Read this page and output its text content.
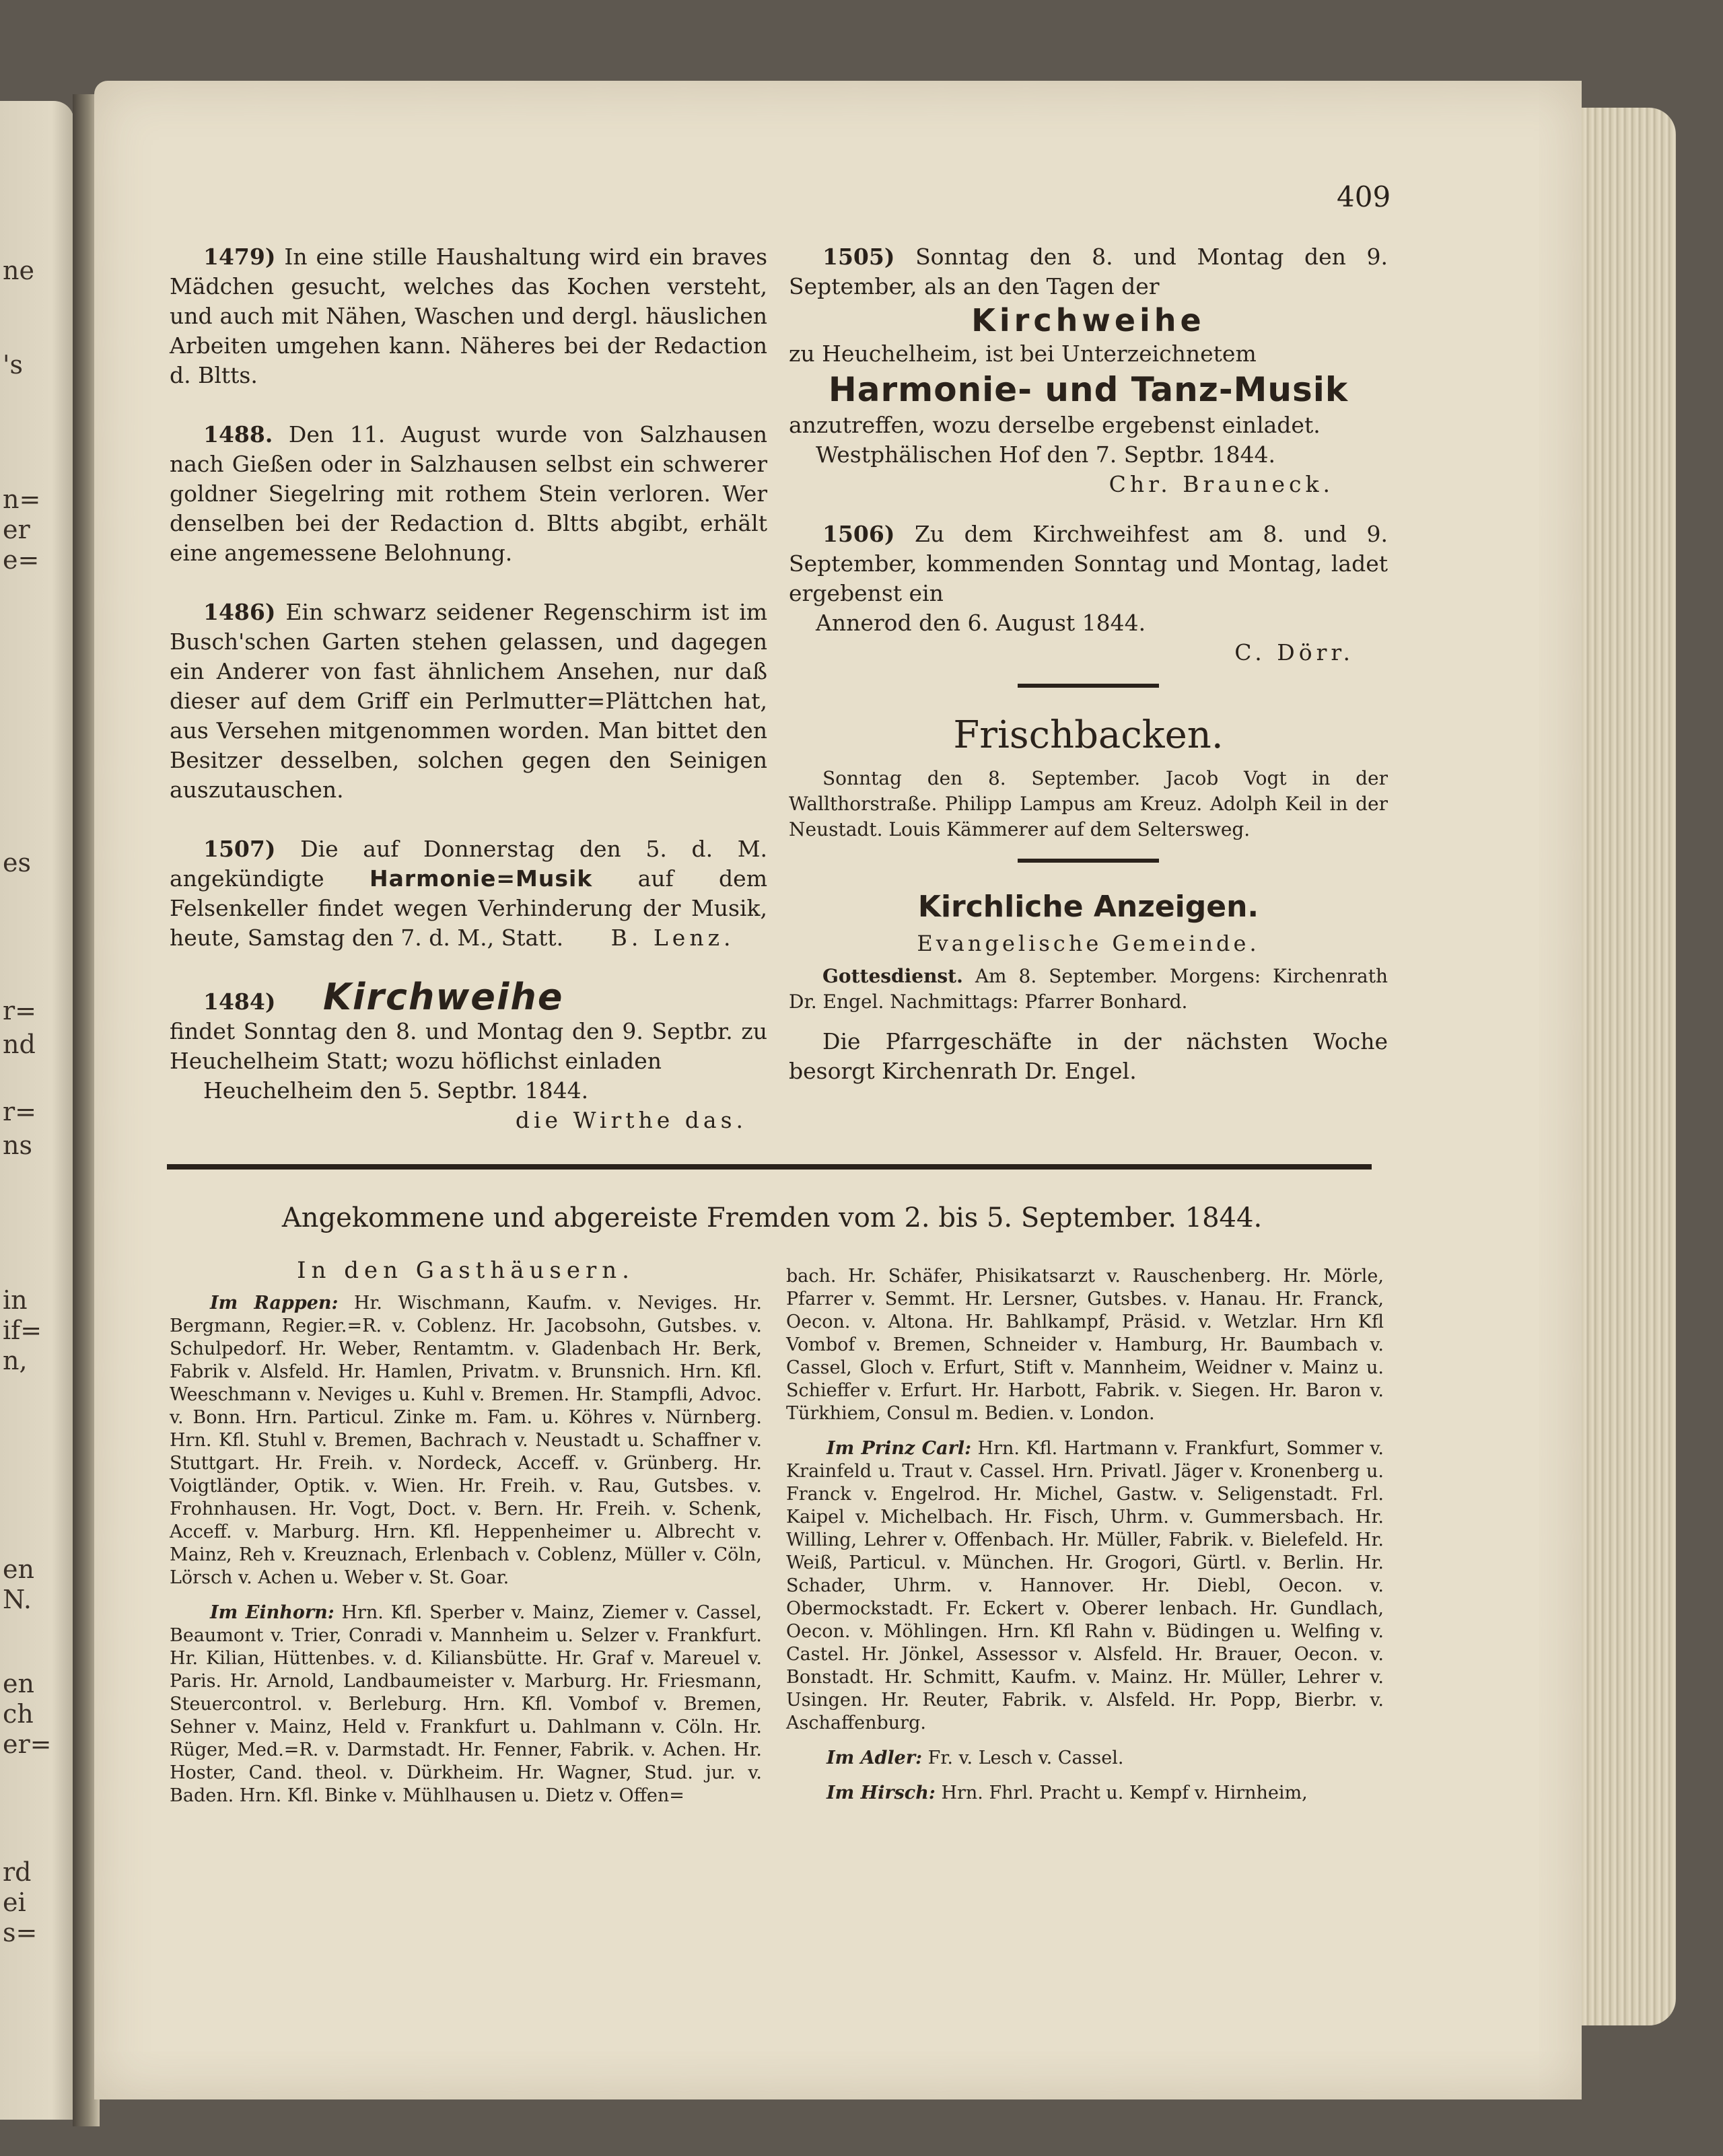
ne
's
n=
er
e=
es
r=
nd
r=
ns
in
if=
n,
en
N.
en
ch
er=
rd
ei
s=
409

1479) In eine stille Haushaltung wird ein braves Mädchen gesucht, welches das Kochen versteht, und auch mit Nähen, Waschen und dergl. häuslichen Arbeiten umgehen kann. Näheres bei der Redaction d. Bltts.

1488. Den 11. August wurde von Salzhausen nach Gießen oder in Salzhausen selbst ein schwerer goldner Siegelring mit rothem Stein verloren. Wer denselben bei der Redaction d. Bltts abgibt, erhält eine angemessene Belohnung.

1486) Ein schwarz seidener Regenschirm ist im Busch'schen Garten stehen gelassen, und dagegen ein Anderer von fast ähnlichem Ansehen, nur daß dieser auf dem Griff ein Perlmutter=Plättchen hat, aus Versehen mitgenommen worden. Man bittet den Besitzer desselben, solchen gegen den Seinigen auszutauschen.

1507) Die auf Donnerstag den 5. d. M. angekündigte Harmonie=Musik auf dem Felsenkeller findet wegen Verhinderung der Musik, heute, Samstag den 7. d. M., Statt. B. Lenz.

1484) Kirchweihe
findet Sonntag den 8. und Montag den 9. Septbr. zu Heuchelheim Statt; wozu höflichst einladen
Heuchelheim den 5. Septbr. 1844.
die Wirthe das.
1505) Sonntag den 8. und Montag den 9. September, als an den Tagen der
Kirchweihe
zu Heuchelheim, ist bei Unterzeichnetem
Harmonie- und Tanz-Musik
anzutreffen, wozu derselbe ergebenst einladet.
Westphälischen Hof den 7. Septbr. 1844.
Chr. Brauneck.
1506) Zu dem Kirchweihfest am 8. und 9. September, kommenden Sonntag und Montag, ladet ergebenst ein
Annerod den 6. August 1844.
C. Dörr.

Frischbacken.

Sonntag den 8. September. Jacob Vogt in der Wallthorstraße. Philipp Lampus am Kreuz. Adolph Keil in der Neustadt. Louis Kämmerer auf dem Seltersweg.

Kirchliche Anzeigen.
Evangelische Gemeinde.

Gottesdienst. Am 8. September. Morgens: Kirchenrath Dr. Engel. Nachmittags: Pfarrer Bonhard.

Die Pfarrgeschäfte in der nächsten Woche besorgt Kirchenrath Dr. Engel.

Angekommene und abgereiste Fremden vom 2. bis 5. September. 1844.
In den Gasthäusern.

Im Rappen: Hr. Wischmann, Kaufm. v. Neviges. Hr. Bergmann, Regier.=R. v. Coblenz. Hr. Jacobsohn, Gutsbes. v. Schulpedorf. Hr. Weber, Rentamtm. v. Gladenbach Hr. Berk, Fabrik v. Alsfeld. Hr. Hamlen, Privatm. v. Brunsnich. Hrn. Kfl. Weeschmann v. Neviges u. Kuhl v. Bremen. Hr. Stampfli, Advoc. v. Bonn. Hrn. Particul. Zinke m. Fam. u. Köhres v. Nürnberg. Hrn. Kfl. Stuhl v. Bremen, Bachrach v. Neustadt u. Schaffner v. Stuttgart. Hr. Freih. v. Nordeck, Acceff. v. Grünberg. Hr. Voigtländer, Optik. v. Wien. Hr. Freih. v. Rau, Gutsbes. v. Frohnhausen. Hr. Vogt, Doct. v. Bern. Hr. Freih. v. Schenk, Acceff. v. Marburg. Hrn. Kfl. Heppenheimer u. Albrecht v. Mainz, Reh v. Kreuznach, Erlenbach v. Coblenz, Müller v. Cöln, Lörsch v. Achen u. Weber v. St. Goar.

Im Einhorn: Hrn. Kfl. Sperber v. Mainz, Ziemer v. Cassel, Beaumont v. Trier, Conradi v. Mannheim u. Selzer v. Frankfurt. Hr. Kilian, Hüttenbes. v. d. Kiliansbütte. Hr. Graf v. Mareuel v. Paris. Hr. Arnold, Landbaumeister v. Marburg. Hr. Friesmann, Steuercontrol. v. Berleburg. Hrn. Kfl. Vombof v. Bremen, Sehner v. Mainz, Held v. Frankfurt u. Dahlmann v. Cöln. Hr. Rüger, Med.=R. v. Darmstadt. Hr. Fenner, Fabrik. v. Achen. Hr. Hoster, Cand. theol. v. Dürkheim. Hr. Wagner, Stud. jur. v. Baden. Hrn. Kfl. Binke v. Mühlhausen u. Dietz v. Offen=

bach. Hr. Schäfer, Phisikatsarzt v. Rauschenberg. Hr. Mörle, Pfarrer v. Semmt. Hr. Lersner, Gutsbes. v. Hanau. Hr. Franck, Oecon. v. Altona. Hr. Bahlkampf, Präsid. v. Wetzlar. Hrn Kfl Vombof v. Bremen, Schneider v. Hamburg, Hr. Baumbach v. Cassel, Gloch v. Erfurt, Stift v. Mannheim, Weidner v. Mainz u. Schieffer v. Erfurt. Hr. Harbott, Fabrik. v. Siegen. Hr. Baron v. Türkhiem, Consul m. Bedien. v. London.

Im Prinz Carl: Hrn. Kfl. Hartmann v. Frankfurt, Sommer v. Krainfeld u. Traut v. Cassel. Hrn. Privatl. Jäger v. Kronenberg u. Franck v. Engelrod. Hr. Michel, Gastw. v. Seligenstadt. Frl. Kaipel v. Michelbach. Hr. Fisch, Uhrm. v. Gummersbach. Hr. Willing, Lehrer v. Offenbach. Hr. Müller, Fabrik. v. Bielefeld. Hr. Weiß, Particul. v. München. Hr. Grogori, Gürtl. v. Berlin. Hr. Schader, Uhrm. v. Hannover. Hr. Diebl, Oecon. v. Obermockstadt. Fr. Eckert v. Oberer lenbach. Hr. Gundlach, Oecon. v. Möhlingen. Hrn. Kfl Rahn v. Büdingen u. Welfing v. Castel. Hr. Jönkel, Assessor v. Alsfeld. Hr. Brauer, Oecon. v. Bonstadt. Hr. Schmitt, Kaufm. v. Mainz. Hr. Müller, Lehrer v. Usingen. Hr. Reuter, Fabrik. v. Alsfeld. Hr. Popp, Bierbr. v. Aschaffenburg.

Im Adler: Fr. v. Lesch v. Cassel.

Im Hirsch: Hrn. Fhrl. Pracht u. Kempf v. Hirnheim,
